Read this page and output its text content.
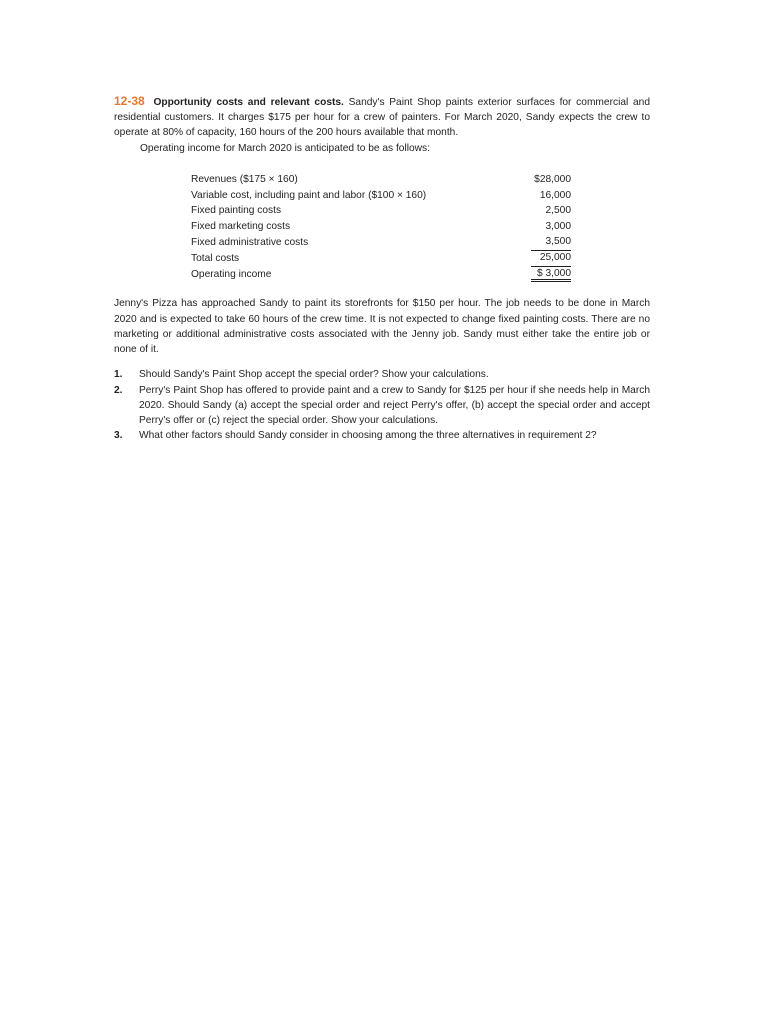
12-38 Opportunity costs and relevant costs. Sandy's Paint Shop paints exterior surfaces for commercial and residential customers. It charges $175 per hour for a crew of painters. For March 2020, Sandy expects the crew to operate at 80% of capacity, 160 hours of the 200 hours available that month.

Operating income for March 2020 is anticipated to be as follows:

Revenues ($175 × 160)	$28,000
Variable cost, including paint and labor ($100 × 160)	16,000
Fixed painting costs	2,500
Fixed marketing costs	3,000
Fixed administrative costs	3,500
Total costs	25,000
Operating income	$ 3,000

Jenny's Pizza has approached Sandy to paint its storefronts for $150 per hour. The job needs to be done in March 2020 and is expected to take 60 hours of the crew time. It is not expected to change fixed painting costs. There are no marketing or additional administrative costs associated with the Jenny job. Sandy must either take the entire job or none of it.

1.	Should Sandy's Paint Shop accept the special order? Show your calculations.
2.	Perry's Paint Shop has offered to provide paint and a crew to Sandy for $125 per hour if she needs help in March 2020. Should Sandy (a) accept the special order and reject Perry's offer, (b) accept the special order and accept Perry's offer or (c) reject the special order. Show your calculations.
3.	What other factors should Sandy consider in choosing among the three alternatives in requirement 2?
